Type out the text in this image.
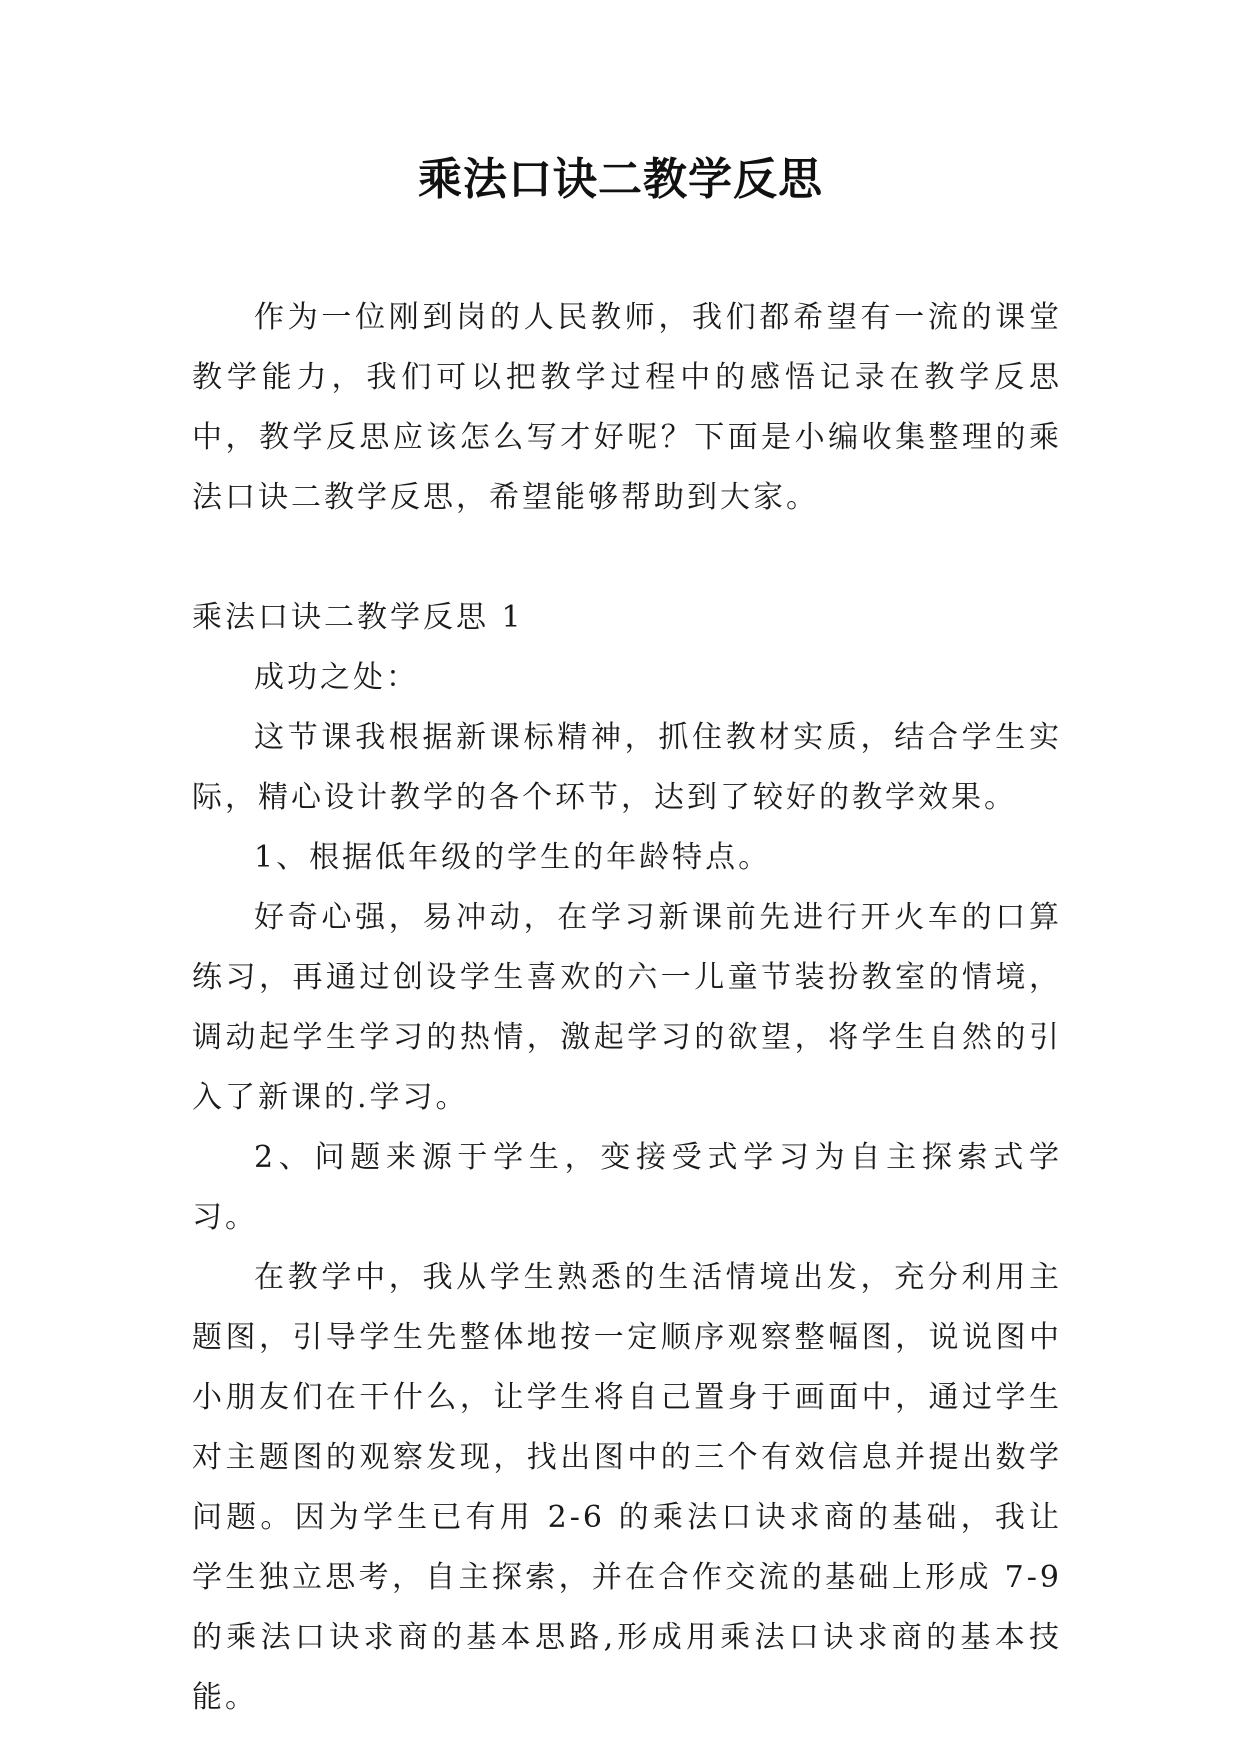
乘法口诀二教学反思

作为一位刚到岗的人民教师，我们都希望有一流的课堂教学能力，我们可以把教学过程中的感悟记录在教学反思中，教学反思应该怎么写才好呢？下面是小编收集整理的乘法口诀二教学反思，希望能够帮助到大家。

乘法口诀二教学反思 1

成功之处：

这节课我根据新课标精神，抓住教材实质，结合学生实际，精心设计教学的各个环节，达到了较好的教学效果。

1、根据低年级的学生的年龄特点。

好奇心强，易冲动，在学习新课前先进行开火车的口算练习，再通过创设学生喜欢的六一儿童节装扮教室的情境，调动起学生学习的热情，激起学习的欲望，将学生自然的引入了新课的.学习。

2、问题来源于学生，变接受式学习为自主探索式学习。

在教学中，我从学生熟悉的生活情境出发，充分利用主题图，引导学生先整体地按一定顺序观察整幅图，说说图中小朋友们在干什么，让学生将自己置身于画面中，通过学生对主题图的观察发现，找出图中的三个有效信息并提出数学问题。因为学生已有用 2-6 的乘法口诀求商的基础，我让学生独立思考，自主探索，并在合作交流的基础上形成 7-9 的乘法口诀求商的基本思路,形成用乘法口诀求商的基本技能。
